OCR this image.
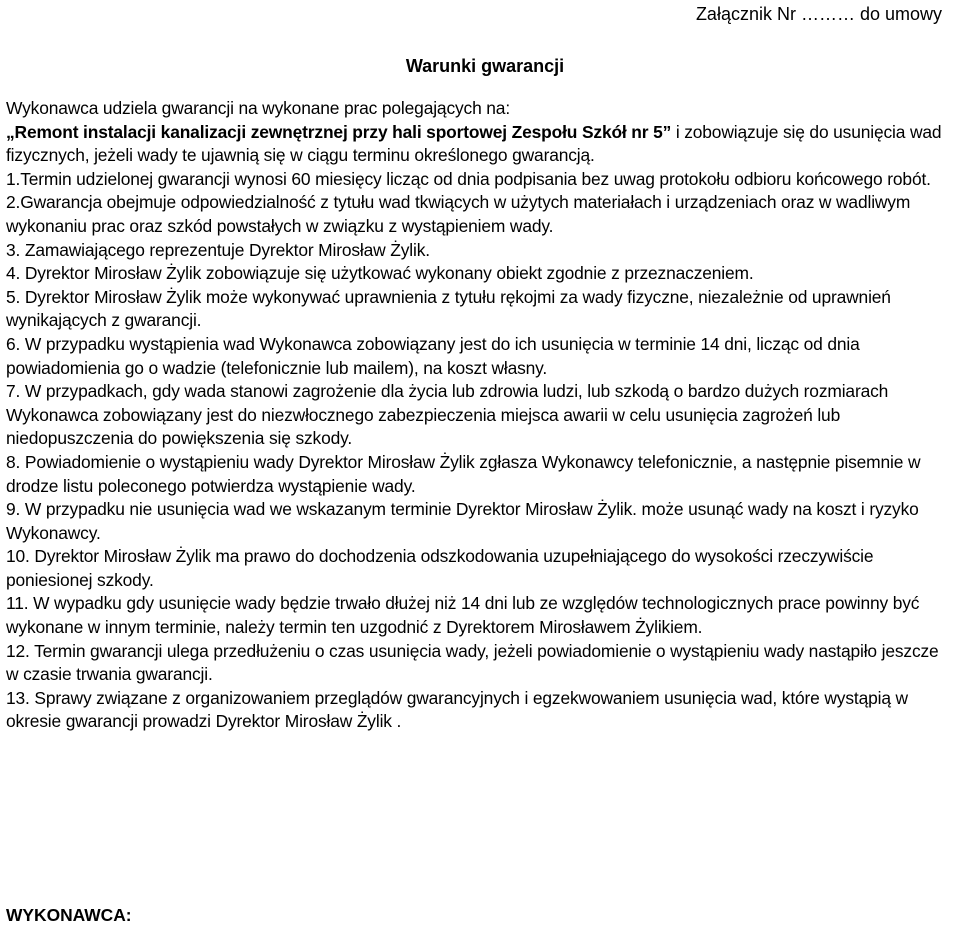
Załącznik Nr ……… do umowy
Warunki gwarancji

Wykonawca udziela gwarancji na wykonane prac polegających na:

„Remont instalacji kanalizacji zewnętrznej przy hali sportowej Zespołu Szkół nr 5” i zobowiązuje się do usunięcia wad fizycznych, jeżeli wady te ujawnią się w ciągu terminu określonego gwarancją.

1.Termin udzielonej gwarancji wynosi 60 miesięcy licząc od dnia podpisania bez uwag protokołu odbioru końcowego robót.

2.Gwarancja obejmuje odpowiedzialność z tytułu wad tkwiących w użytych materiałach i urządzeniach oraz w wadliwym wykonaniu prac oraz szkód powstałych w związku z wystąpieniem wady.

3. Zamawiającego reprezentuje Dyrektor Mirosław Żylik.

4. Dyrektor Mirosław Żylik zobowiązuje się użytkować wykonany obiekt zgodnie z przeznaczeniem.

5. Dyrektor Mirosław Żylik może wykonywać uprawnienia z tytułu rękojmi za wady fizyczne, niezależnie od uprawnień wynikających z gwarancji.

6. W przypadku wystąpienia wad Wykonawca zobowiązany jest do ich usunięcia w terminie 14 dni, licząc od dnia powiadomienia go o wadzie (telefonicznie lub mailem), na koszt własny.

7. W przypadkach, gdy wada stanowi zagrożenie dla życia lub zdrowia ludzi, lub szkodą o bardzo dużych rozmiarach Wykonawca zobowiązany jest do niezwłocznego zabezpieczenia miejsca awarii w celu usunięcia zagrożeń lub niedopuszczenia do powiększenia się szkody.

8. Powiadomienie o wystąpieniu wady Dyrektor Mirosław Żylik zgłasza Wykonawcy telefonicznie, a następnie pisemnie w drodze listu poleconego potwierdza wystąpienie wady.

9. W przypadku nie usunięcia wad we wskazanym terminie Dyrektor Mirosław Żylik. może usunąć wady na koszt i ryzyko Wykonawcy.

10. Dyrektor Mirosław Żylik ma prawo do dochodzenia odszkodowania uzupełniającego do wysokości rzeczywiście poniesionej szkody.

11. W wypadku gdy usunięcie wady będzie trwało dłużej niż 14 dni lub ze względów technologicznych prace powinny być wykonane w innym terminie, należy termin ten uzgodnić z Dyrektorem Mirosławem Żylikiem.

12. Termin gwarancji ulega przedłużeniu o czas usunięcia wady, jeżeli powiadomienie o wystąpieniu wady nastąpiło jeszcze w czasie trwania gwarancji.

13. Sprawy związane z organizowaniem przeglądów gwarancyjnych i egzekwowaniem usunięcia wad, które wystąpią w okresie gwarancji prowadzi Dyrektor Mirosław Żylik .

WYKONAWCA:
